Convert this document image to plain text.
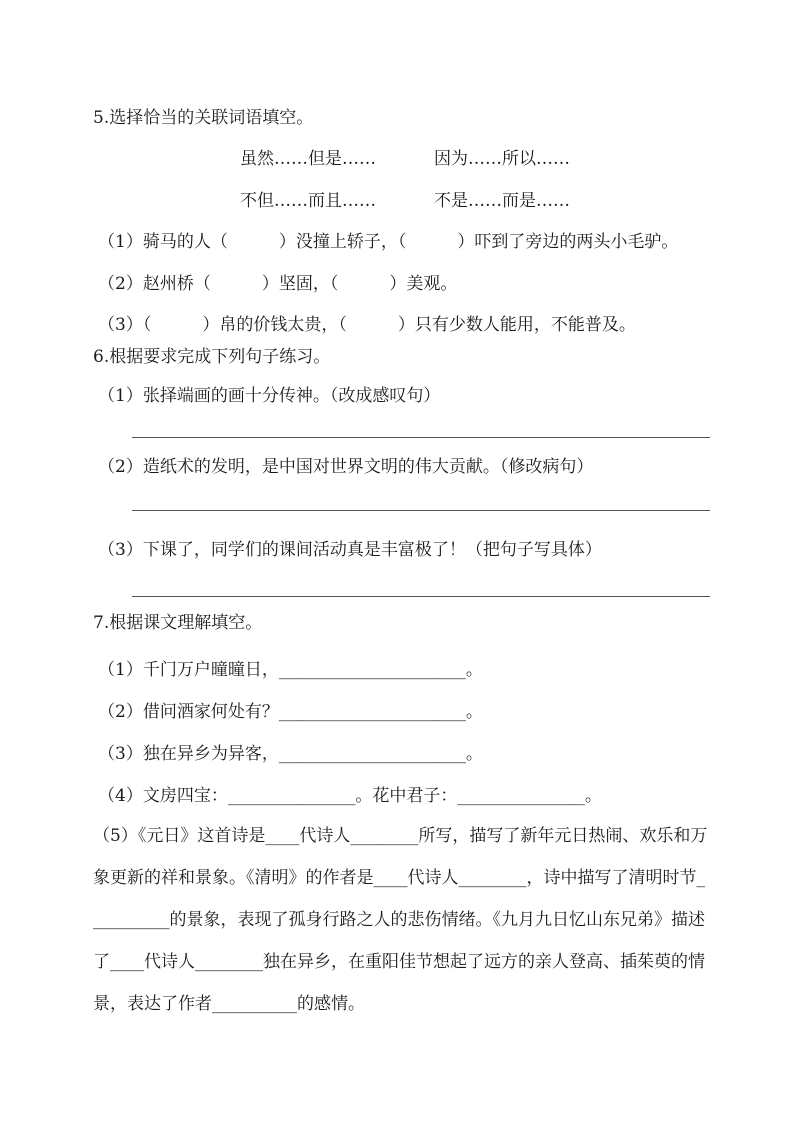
5.选择恰当的关联词语填空。
虽然……但是……	因为……所以……
不但……而且……	不是……而是……
（1）骑马的人（　　　）没撞上轿子，（　　　）吓到了旁边的两头小毛驴。
（2）赵州桥（　　　）坚固，（　　　）美观。
（3）（　　　）帛的价钱太贵，（　　　）只有少数人能用，不能普及。
6.根据要求完成下列句子练习。
（1）张择端画的画十分传神。（改成感叹句）
（2）造纸术的发明，是中国对世界文明的伟大贡献。（修改病句）
（3）下课了，同学们的课间活动真是丰富极了！（把句子写具体）
7.根据课文理解填空。
（1）千门万户曈曈日，______________________。
（2）借问酒家何处有？______________________。
（3）独在异乡为异客，______________________。
（4）文房四宝：_______________。花中君子：_______________。
（5）《元日》这首诗是____代诗人________所写，描写了新年元日热闹、欢乐和万象更新的祥和景象。《清明》的作者是____代诗人________，诗中描写了清明时节__________的景象，表现了孤身行路之人的悲伤情绪。《九月九日忆山东兄弟》描述了____代诗人________独在异乡，在重阳佳节想起了远方的亲人登高、插茱萸的情景，表达了作者__________的感情。
